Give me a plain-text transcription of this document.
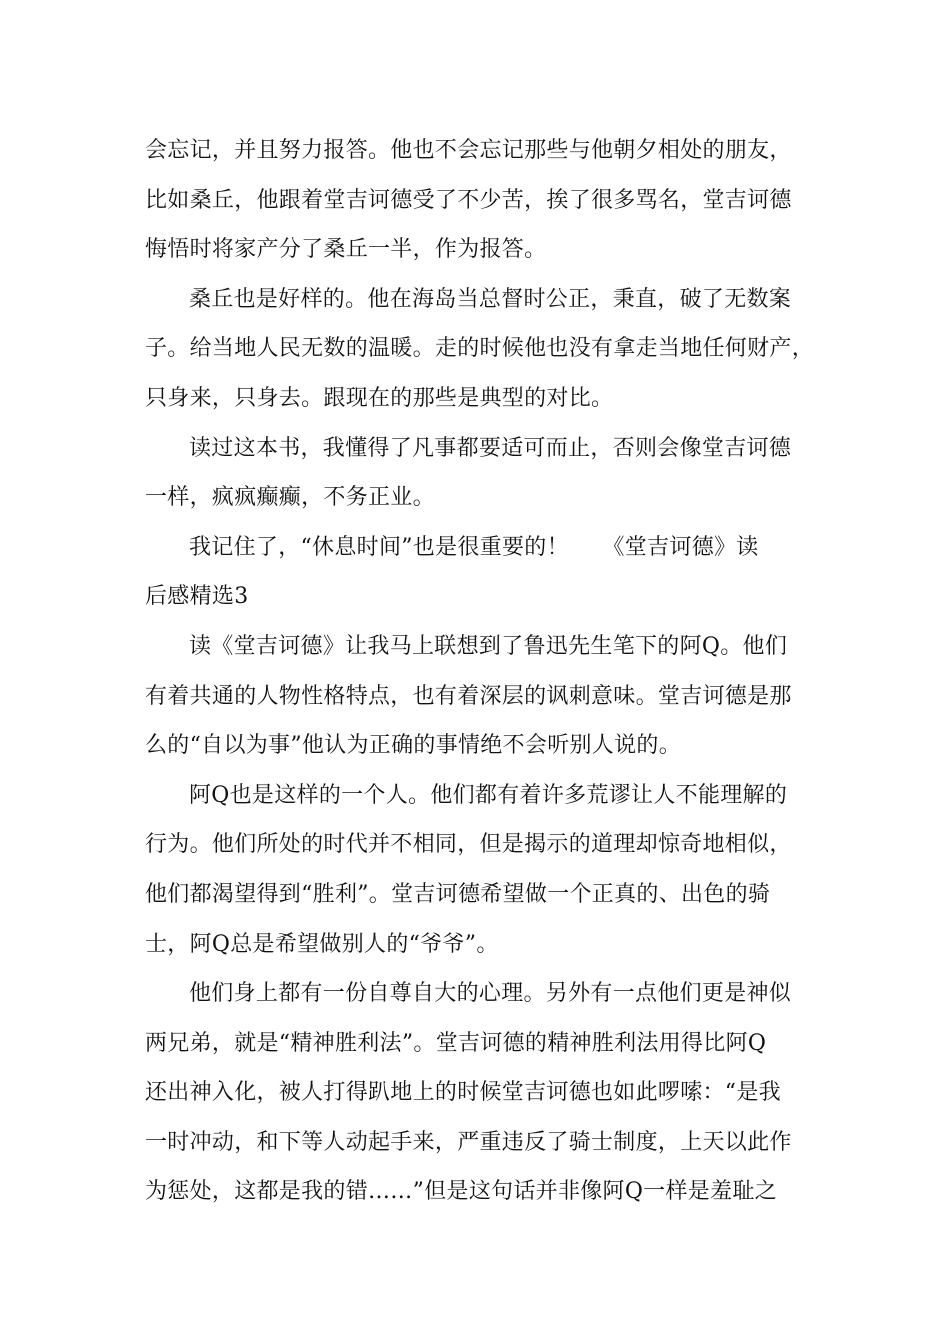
会忘记，并且努力报答。他也不会忘记那些与他朝夕相处的朋友，
比如桑丘，他跟着堂吉诃德受了不少苦，挨了很多骂名，堂吉诃德
悔悟时将家产分了桑丘一半，作为报答。
桑丘也是好样的。他在海岛当总督时公正，秉直，破了无数案
子。给当地人民无数的温暖。走的时候他也没有拿走当地任何财产，
只身来，只身去。跟现在的那些是典型的对比。
读过这本书，我懂得了凡事都要适可而止，否则会像堂吉诃德
一样，疯疯癫癫，不务正业。
我记住了，“休息时间”也是很重要的！　　《堂吉诃德》读
后感精选3
读《堂吉诃德》让我马上联想到了鲁迅先生笔下的阿Q。他们
有着共通的人物性格特点，也有着深层的讽刺意味。堂吉诃德是那
么的“自以为事”他认为正确的事情绝不会听别人说的。
阿Q也是这样的一个人。他们都有着许多荒谬让人不能理解的
行为。他们所处的时代并不相同，但是揭示的道理却惊奇地相似，
他们都渴望得到“胜利”。堂吉诃德希望做一个正真的、出色的骑
士，阿Q总是希望做别人的“爷爷”。
他们身上都有一份自尊自大的心理。另外有一点他们更是神似
两兄弟，就是“精神胜利法”。堂吉诃德的精神胜利法用得比阿Q
还出神入化，被人打得趴地上的时候堂吉诃德也如此啰嗦：“是我
一时冲动，和下等人动起手来，严重违反了骑士制度，上天以此作
为惩处，这都是我的错……”但是这句话并非像阿Q一样是羞耻之
